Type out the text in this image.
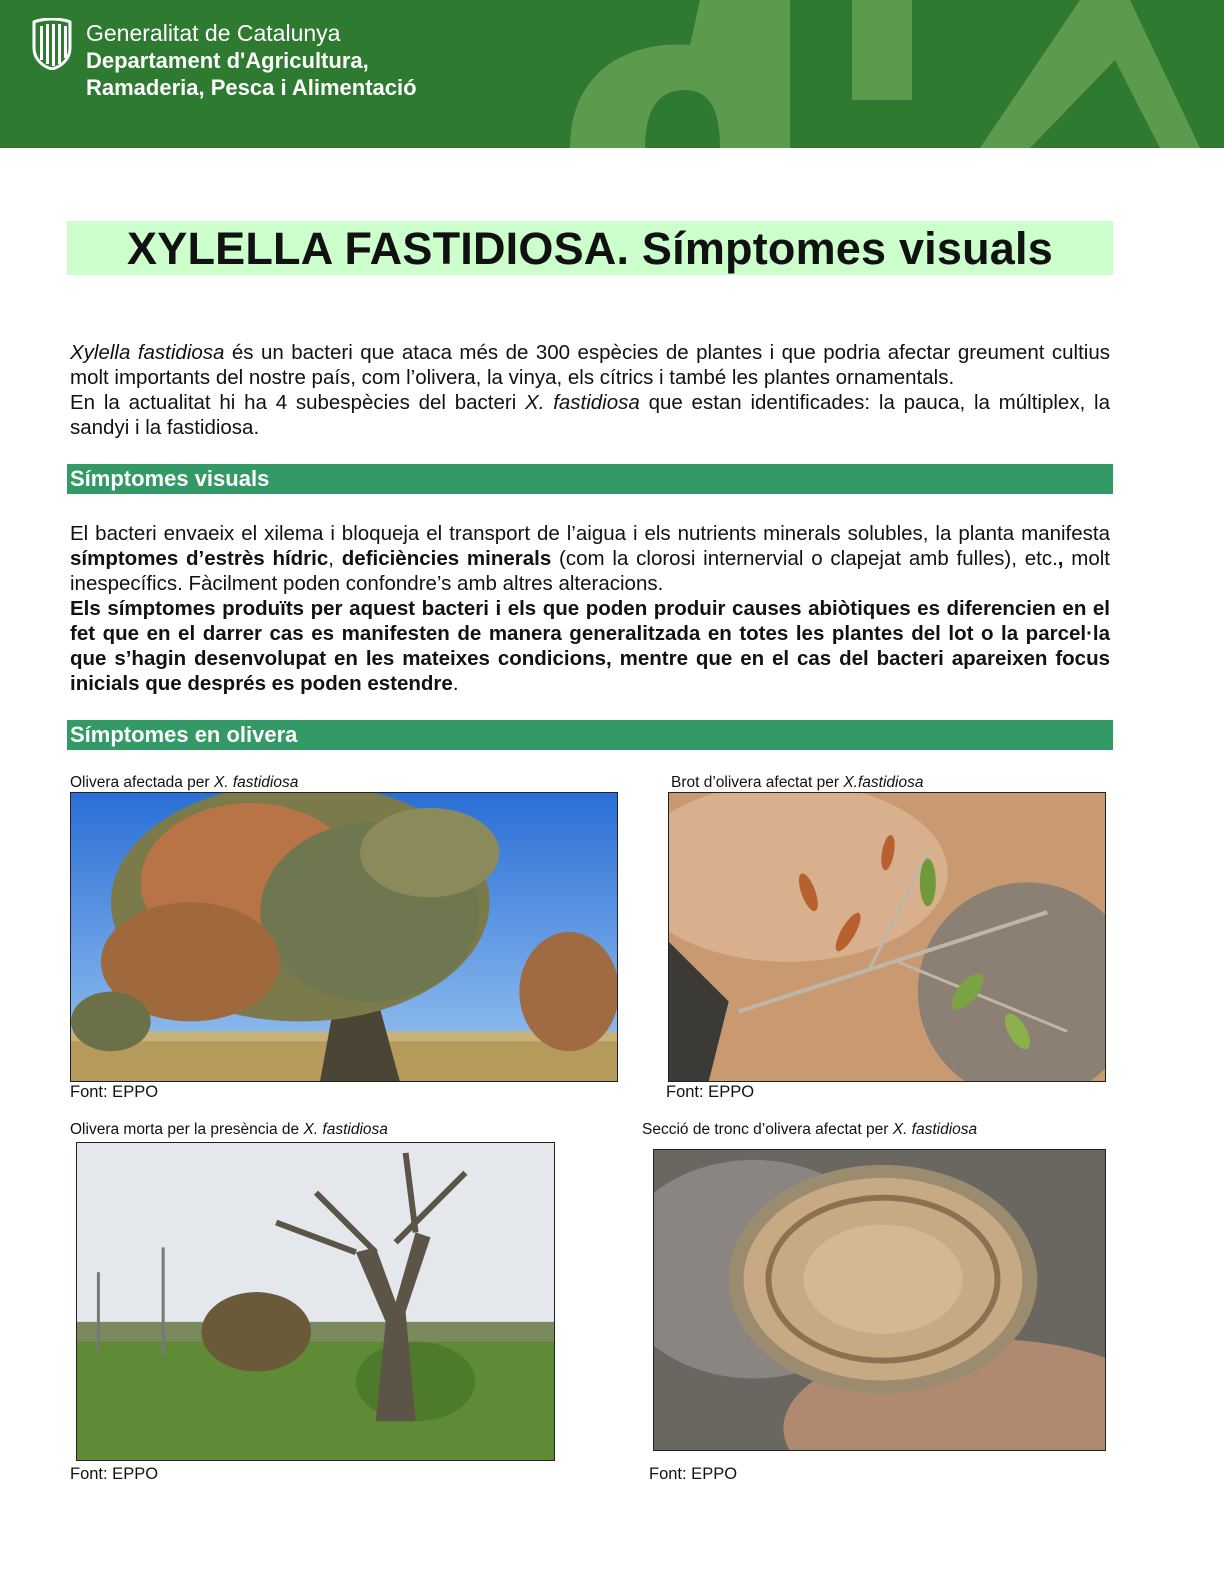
Generalitat de Catalunya
Departament d'Agricultura,
Ramaderia, Pesca i Alimentació
XYLELLA FASTIDIOSA. Símptomes visuals
Xylella fastidiosa és un bacteri que ataca més de 300 espècies de plantes i que podria afectar greument cultius molt importants del nostre país, com l’olivera, la vinya, els cítrics i també les plantes ornamentals.
En la actualitat hi ha 4 subespècies del bacteri X. fastidiosa que estan identificades: la pauca, la múltiplex, la sandyi i la fastidiosa.
Símptomes visuals
El bacteri envaeix el xilema i bloqueja el transport de l’aigua i els nutrients minerals solubles, la planta manifesta símptomes d’estrès hídric, deficiències minerals (com la clorosi internervial o clapejat amb fulles), etc., molt inespecífics. Fàcilment poden confondre’s amb altres alteracions.
Els símptomes produïts per aquest bacteri i els que poden produir causes abiòtiques es diferencien en el fet que en el darrer cas es manifesten de manera generalitzada en totes les plantes del lot o la parcel·la que s’hagin desenvolupat en les mateixes condicions, mentre que en el cas del bacteri apareixen focus inicials que després es poden estendre.
Símptomes en olivera
Olivera afectada per X. fastidiosa
Font: EPPO
Brot d’olivera afectat per X.fastidiosa
Font: EPPO
Olivera morta per la presència de X. fastidiosa
Font: EPPO
Secció de tronc d’olivera afectat per X. fastidiosa
Font: EPPO
